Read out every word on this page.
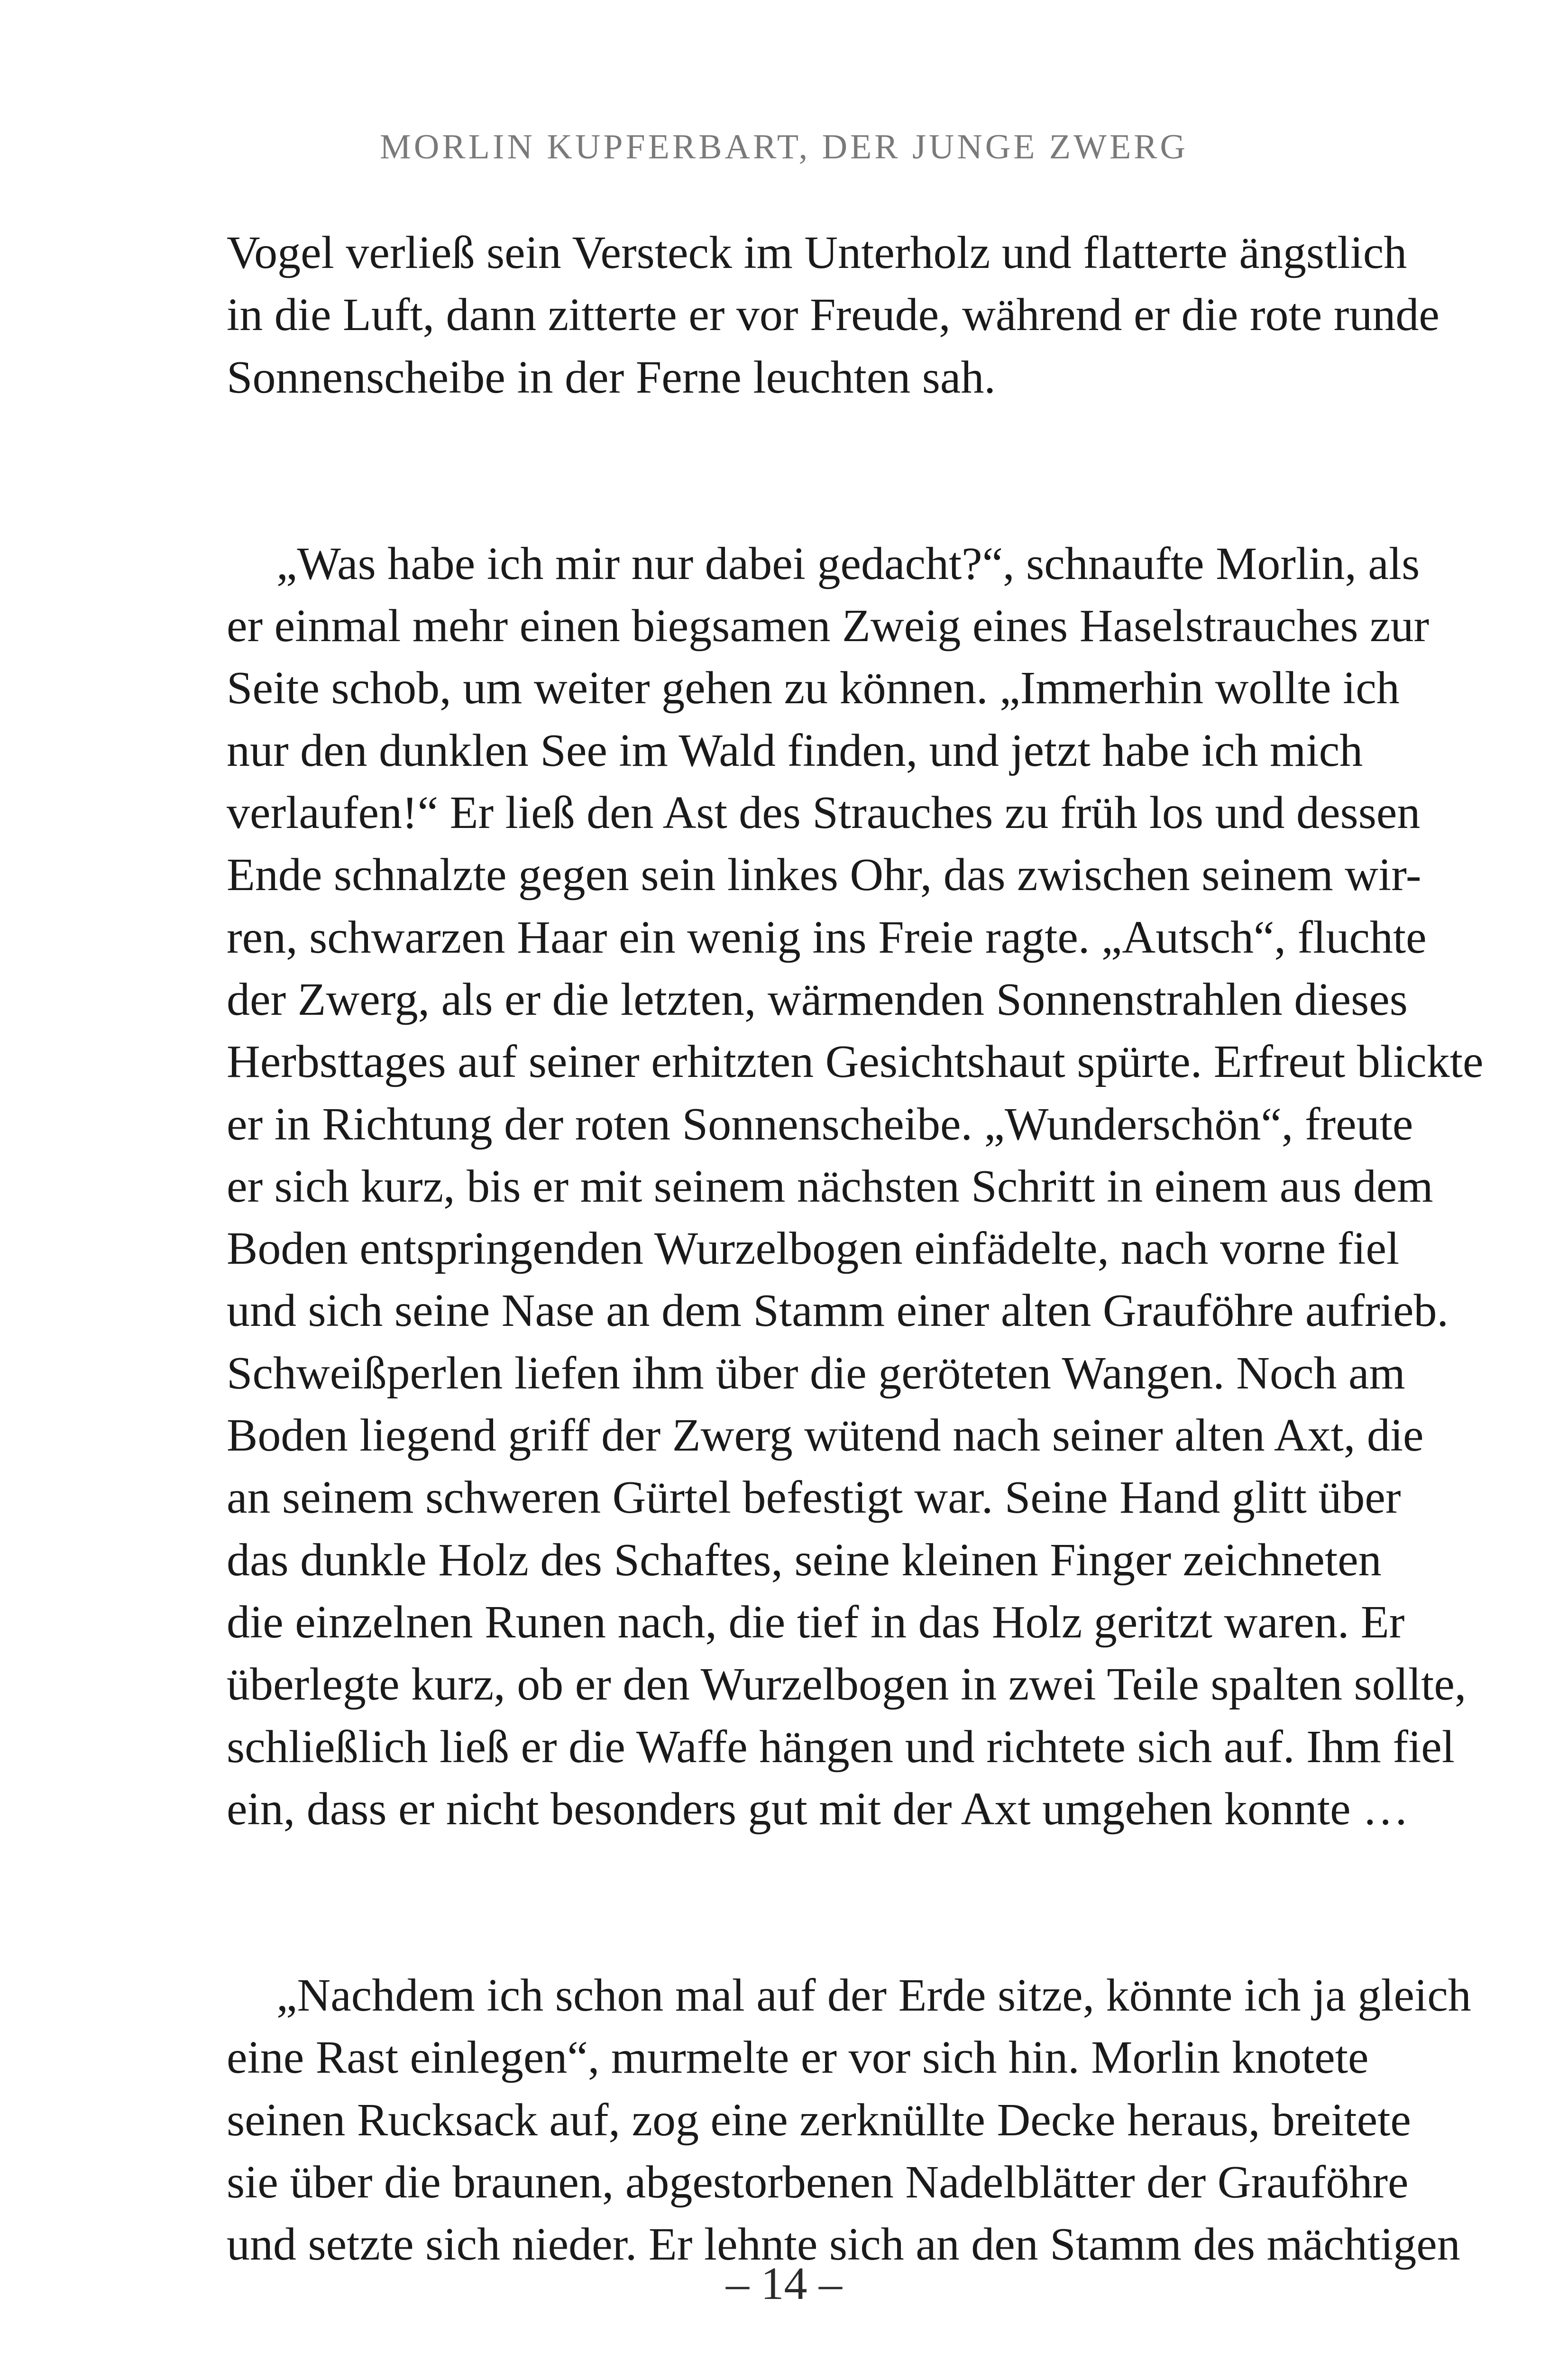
MORLIN KUPFERBART, DER JUNGE ZWERG
Vogel verließ sein Versteck im Unterholz und flatterte ängstlich
in die Luft, dann zitterte er vor Freude, während er die rote runde
Sonnenscheibe in der Ferne leuchten sah.
„Was habe ich mir nur dabei gedacht?“, schnaufte Morlin, als
er einmal mehr einen biegsamen Zweig eines Haselstrauches zur
Seite schob, um weiter gehen zu können. „Immerhin wollte ich
nur den dunklen See im Wald finden, und jetzt habe ich mich
verlaufen!“ Er ließ den Ast des Strauches zu früh los und dessen
Ende schnalzte gegen sein linkes Ohr, das zwischen seinem wir-
ren, schwarzen Haar ein wenig ins Freie ragte. „Autsch“, fluchte
der Zwerg, als er die letzten, wärmenden Sonnenstrahlen dieses
Herbsttages auf seiner erhitzten Gesichtshaut spürte. Erfreut blickte
er in Richtung der roten Sonnenscheibe. „Wunderschön“, freute
er sich kurz, bis er mit seinem nächsten Schritt in einem aus dem
Boden entspringenden Wurzelbogen einfädelte, nach vorne fiel
und sich seine Nase an dem Stamm einer alten Grauföhre aufrieb.
Schweißperlen liefen ihm über die geröteten Wangen. Noch am
Boden liegend griff der Zwerg wütend nach seiner alten Axt, die
an seinem schweren Gürtel befestigt war. Seine Hand glitt über
das dunkle Holz des Schaftes, seine kleinen Finger zeichneten
die einzelnen Runen nach, die tief in das Holz geritzt waren. Er
überlegte kurz, ob er den Wurzelbogen in zwei Teile spalten sollte,
schließlich ließ er die Waffe hängen und richtete sich auf. Ihm fiel
ein, dass er nicht besonders gut mit der Axt umgehen konnte …
„Nachdem ich schon mal auf der Erde sitze, könnte ich ja gleich
eine Rast einlegen“, murmelte er vor sich hin. Morlin knotete
seinen Rucksack auf, zog eine zerknüllte Decke heraus, breitete
sie über die braunen, abgestorbenen Nadelblätter der Grauföhre
und setzte sich nieder. Er lehnte sich an den Stamm des mächtigen
– 14 –
